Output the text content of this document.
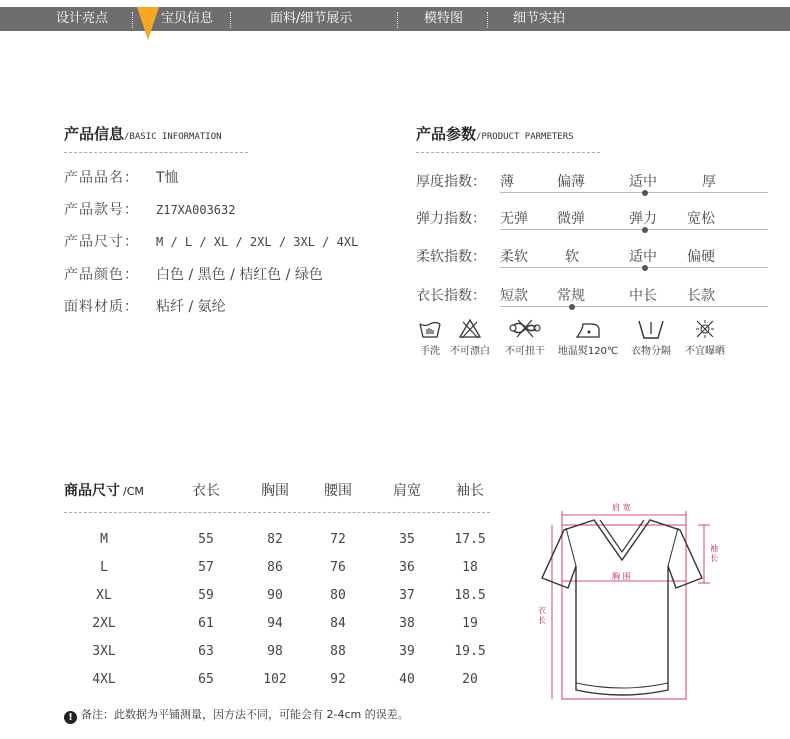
设计亮点	宝贝信息	面料/细节展示	模特图	细节实拍
产品信息/BASIC INFORMATION
产品品名： T恤
产品款号： Z17XA003632
产品尺寸： M / L / XL / 2XL / 3XL / 4XL
产品颜色： 白色 / 黑色 / 桔红色 / 绿色
面料材质： 粘纤 / 氨纶
产品参数/PRODUCT PARMETERS
厚度指数： 薄	偏薄	适中	厚
弹力指数： 无弹 微弹	弹力 宽松
柔软指数： 柔软	软	适中 偏硬
衣长指数： 短款 常规	中长 长款
手洗	不可漂白	不可扭干	地温熨120℃	衣物分隔	不宜曝晒
商品尺寸 /CM	衣长	胸围	腰围	肩宽	袖长
M	55	82	72	35	17.5
L	57	86	76	36	18
XL	59	90	80	37	18.5
2XL	61	94	84	38	19
3XL	63	98	88	39	19.5
4XL	65	102	92	40	20
肩 宽
袖长
胸 围
衣长
! 备注：此数据为平铺测量，因方法不同，可能会有 2-4cm 的误差。
